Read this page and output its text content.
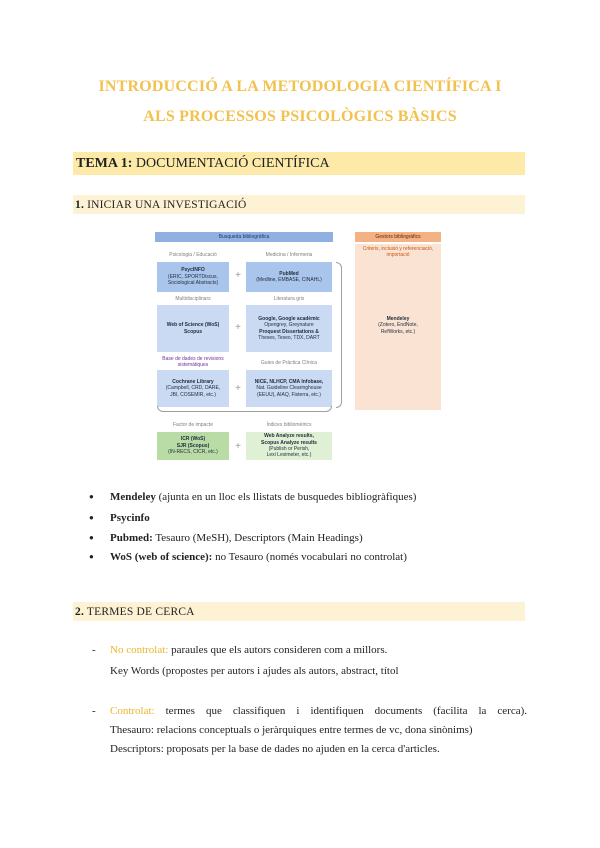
INTRODUCCIÓ A LA METODOLOGIA CIENTÍFICA I
ALS PROCESSOS PSICOLÒGICS BÀSICS
TEMA 1: DOCUMENTACIÓ CIENTÍFICA
1. INICIAR UNA INVESTIGACIÓ
Busqueda bibliogràfica	Gestors bibliogràfics
Criteris, inclusió y referenciació, importació
Mendeley
(Zotero, EndNote,
RefWorks, etc.)
Psicologia / Educació	Medicina / Infermeria
PsycINFO
(ERIC, SPORTDiscus,
Sociological Abstracts)
+	PubMed
(Medline, EMBASE, CINAHL)
Multidisciplinars	Literatura gris
Web of Science (WoS)
Scopus	+
Google, Google acadèmic
Opengrey, Greynature
Proquest Dissertations &
Theses, Teseo, TDX, DART
Base de dades de revisions sistemàtiques	Guies de Pràctica Clínica
Cochrane Library
(Campbell, CRD, DARE,
JBI, COSEMIR, etc.)
+
NICE, NLHCP, CMA Infobase,
Nat. Guideline Clearinghouse
(EEUU), AIAQ, Fisterra, etc.)
Factor de impacte	Índices bibliomètrics
ICR (WoS)
SJR (Scopus)
(IN-RECS, CICR, etc.)
+
Web Analyze results,
Scopus Analyze results
(Publish or Perish,
Lexi Leximeter, etc.)
● Mendeley (ajunta en un lloc els llistats de busquedes bibliogràfiques)
● Psycinfo
● Pubmed: Tesauro (MeSH), Descriptors (Main Headings)
● WoS (web of science): no Tesauro (només vocabulari no controlat)
2. TERMES DE CERCA
- No controlat: paraules que els autors consideren com a millors.
Key Words (propostes per autors i ajudes als autors, abstract, títol
- Controlat: termes que classifiquen i identifiquen documents (facilita la cerca).
Thesauro: relacions conceptuals o jeràrquiques entre termes de vc, dona sinònims)
Descriptors: proposats per la base de dades no ajuden en la cerca d'articles.
